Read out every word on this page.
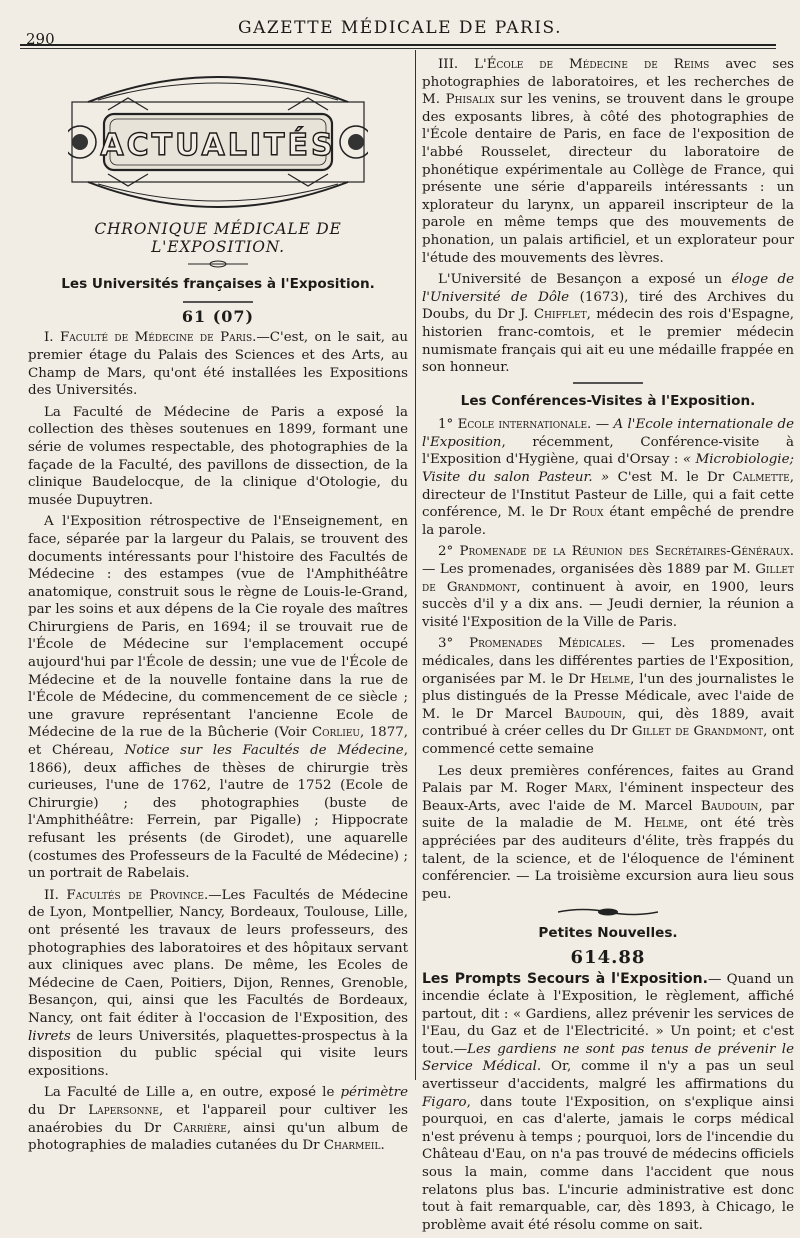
290
GAZETTE MÉDICALE DE PARIS.
ACTUALITÉS
CHRONIQUE MÉDICALE DE L'EXPOSITION.
Les Universités françaises à l'Exposition.
61 (07)

I. Faculté de Médecine de Paris.—C'est, on le sait, au premier étage du Palais des Sciences et des Arts, au Champ de Mars, qu'ont été installées les Expositions des Universités.

La Faculté de Médecine de Paris a exposé la collection des thèses soutenues en 1899, formant une série de volumes respectable, des photographies de la façade de la Faculté, des pavillons de dissection, de la clinique Baudelocque, de la clinique d'Otologie, du musée Dupuytren.

A l'Exposition rétrospective de l'Enseignement, en face, séparée par la largeur du Palais, se trouvent des documents intéressants pour l'histoire des Facultés de Médecine : des estampes (vue de l'Amphithéâtre anatomique, construit sous le règne de Louis-le-Grand, par les soins et aux dépens de la Cie royale des maîtres Chirurgiens de Paris, en 1694; il se trouvait rue de l'École de Médecine sur l'emplacement occupé aujourd'hui par l'École de dessin; une vue de l'École de Médecine et de la nouvelle fontaine dans la rue de l'École de Médecine, du commencement de ce siècle ; une gravure représentant l'ancienne Ecole de Médecine de la rue de la Bûcherie (Voir Corlieu, 1877, et Chéreau, Notice sur les Facultés de Médecine, 1866), deux affiches de thèses de chirurgie très curieuses, l'une de 1762, l'autre de 1752 (Ecole de Chirurgie) ; des photographies (buste de l'Amphithéâtre: Ferrein, par Pigalle) ; Hippocrate refusant les présents (de Girodet), une aquarelle (costumes des Professeurs de la Faculté de Médecine) ; un portrait de Rabelais.

II. Facultés de Province.—Les Facultés de Médecine de Lyon, Montpellier, Nancy, Bordeaux, Toulouse, Lille, ont présenté les travaux de leurs professeurs, des photographies des laboratoires et des hôpitaux servant aux cliniques avec plans. De même, les Ecoles de Médecine de Caen, Poitiers, Dijon, Rennes, Grenoble, Besançon, qui, ainsi que les Facultés de Bordeaux, Nancy, ont fait éditer à l'occasion de l'Exposition, des livrets de leurs Universités, plaquettes-prospectus à la disposition du public spécial qui visite leurs expositions.

La Faculté de Lille a, en outre, exposé le périmètre du Dr Lapersonne, et l'appareil pour cultiver les anaérobies du Dr Carrière, ainsi qu'un album de photographies de maladies cutanées du Dr Charmeil.

III. L'École de Médecine de Reims avec ses photographies de laboratoires, et les recherches de M. Phisalix sur les venins, se trouvent dans le groupe des exposants libres, à côté des photographies de l'École dentaire de Paris, en face de l'exposition de l'abbé Rousselet, directeur du laboratoire de phonétique expérimentale au Collège de France, qui présente une série d'appareils intéressants : un xplorateur du larynx, un appareil inscripteur de la parole en même temps que des mouvements de phonation, un palais artificiel, et un explorateur pour l'étude des mouvements des lèvres.

L'Université de Besançon a exposé un éloge de l'Université de Dôle (1673), tiré des Archives du Doubs, du Dr J. Chifflet, médecin des rois d'Espagne, historien franc-comtois, et le premier médecin numismate français qui ait eu une médaille frappée en son honneur.

Les Conférences-Visites à l'Exposition.

1° Ecole internationale. — A l'Ecole internationale de l'Exposition, récemment, Conférence-visite à l'Exposition d'Hygiène, quai d'Orsay : « Microbiologie; Visite du salon Pasteur. » C'est M. le Dr Calmette, directeur de l'Institut Pasteur de Lille, qui a fait cette conférence, M. le Dr Roux étant empêché de prendre la parole.

2° Promenade de la Réunion des Secrétaires-Généraux. — Les promenades, organisées dès 1889 par M. Gillet de Grandmont, continuent à avoir, en 1900, leurs succès d'il y a dix ans. — Jeudi dernier, la réunion a visité l'Exposition de la Ville de Paris.

3° Promenades Médicales. — Les promenades médicales, dans les différentes parties de l'Exposition, organisées par M. le Dr Helme, l'un des journalistes le plus distingués de la Presse Médicale, avec l'aide de M. le Dr Marcel Baudouin, qui, dès 1889, avait contribué à créer celles du Dr Gillet de Grandmont, ont commencé cette semaine

Les deux premières conférences, faites au Grand Palais par M. Roger Marx, l'éminent inspecteur des Beaux-Arts, avec l'aide de M. Marcel Baudouin, par suite de la maladie de M. Helme, ont été très appréciées par des auditeurs d'élite, très frappés du talent, de la science, et de l'éloquence de l'éminent conférencier. — La troisième excursion aura lieu sous peu.

Petites Nouvelles.
614.88

Les Prompts Secours à l'Exposition.— Quand un incendie éclate à l'Exposition, le règlement, affiché partout, dit : « Gardiens, allez prévenir les services de l'Eau, du Gaz et de l'Electricité. » Un point; et c'est tout.—Les gardiens ne sont pas tenus de prévenir le Service Médical. Or, comme il n'y a pas un seul avertisseur d'accidents, malgré les affirmations du Figaro, dans toute l'Exposition, on s'explique ainsi pourquoi, en cas d'alerte, jamais le corps médical n'est prévenu à temps ; pourquoi, lors de l'incendie du Château d'Eau, on n'a pas trouvé de médecins officiels sous la main, comme dans l'accident que nous relatons plus bas. L'incurie administrative est donc tout à fait remarquable, car, dès 1893, à Chicago, le problème avait été résolu comme on sait.
